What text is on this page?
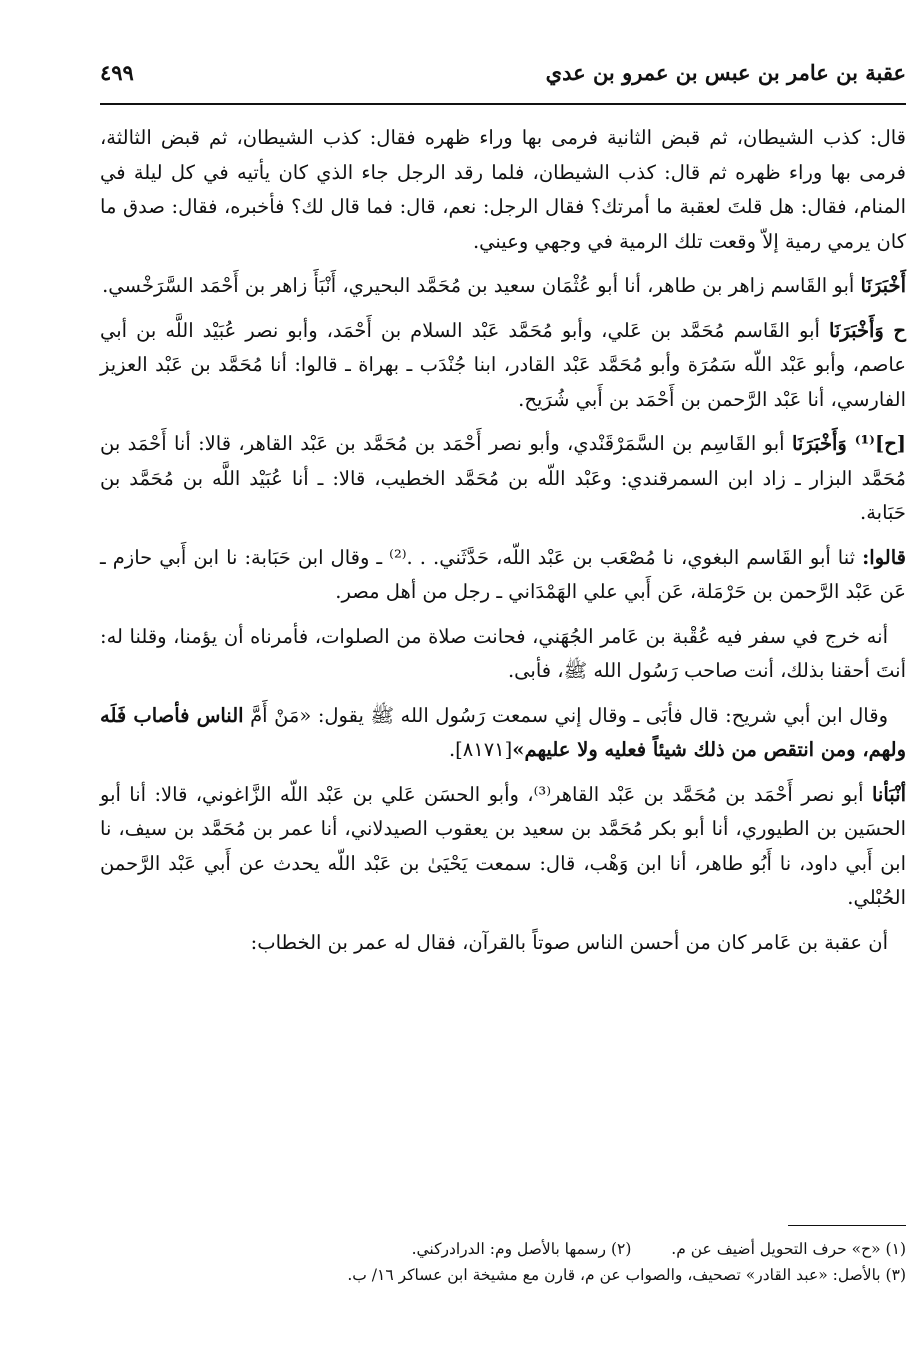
عقبة بن عامر بن عبس بن عمرو بن عدي
٤٩٩

قال: كذب الشيطان، ثم قبض الثانية فرمى بها وراء ظهره فقال: كذب الشيطان، ثم قبض الثالثة، فرمى بها وراء ظهره ثم قال: كذب الشيطان، فلما رقد الرجل جاء الذي كان يأتيه في كل ليلة في المنام، فقال: هل قلتَ لعقبة ما أمرتك؟ فقال الرجل: نعم، قال: فما قال لك؟ فأخبره، فقال: صدق ما كان يرمي رمية إلاّ وقعت تلك الرمية في وجهي وعيني.

أَخْبَرَنَا أبو القَاسم زاهر بن طاهر، أنا أبو عُثْمَان سعيد بن مُحَمَّد البحيري، أَنْبَأَ زاهر بن أَحْمَد السَّرَخْسي.

ح وَأَخْبَرَنَا أبو القَاسم مُحَمَّد بن عَلي، وأبو مُحَمَّد عَبْد السلام بن أَحْمَد، وأبو نصر عُبَيْد اللَّه بن أبي عاصم، وأبو عَبْد اللّه سَمُرَة وأبو مُحَمَّد عَبْد القادر، ابنا جُنْدَب ـ بهراة ـ قالوا: أنا مُحَمَّد بن عَبْد العزيز الفارسي، أنا عَبْد الرَّحمن بن أَحْمَد بن أَبي شُرَيح.

[ح]⁽¹⁾ وَأَخْبَرَنَا أبو القَاسِم بن السَّمَرْقَنْدي، وأبو نصر أَحْمَد بن مُحَمَّد بن عَبْد القاهر، قالا: أنا أَحْمَد بن مُحَمَّد البزار ـ زاد ابن السمرقندي: وعَبْد اللّه بن مُحَمَّد الخطيب، قالا: ـ أنا عُبَيْد اللَّه بن مُحَمَّد بن حَبَابة.

قالوا: ثنا أبو القَاسم البغوي، نا مُصْعَب بن عَبْد اللّه، حَدَّثَني. . .⁽²⁾ ـ وقال ابن حَبَابة: نا ابن أَبي حازم ـ عَن عَبْد الرَّحمن بن حَرْمَلة، عَن أَبي علي الهَمْدَاني ـ رجل من أهل مصر.

أنه خرج في سفر فيه عُقْبة بن عَامر الجُهَني، فحانت صلاة من الصلوات، فأمرناه أن يؤمنا، وقلنا له: أنتَ أحقنا بذلك، أنت صاحب رَسُول الله ﷺ، فأبى.

وقال ابن أبي شريح: قال فأبَى ـ وقال إني سمعت رَسُول الله ﷺ يقول: «مَنْ أَمَّ الناس فأصاب فَلَه ولهم، ومن انتقص من ذلك شيئاً فعليه ولا عليهم»[٨١٧١].

أنْبَأنا أبو نصر أَحْمَد بن مُحَمَّد بن عَبْد القاهر⁽³⁾، وأبو الحسَن عَلي بن عَبْد اللّه الزَّاغوني، قالا: أنا أبو الحسَين بن الطيوري، أنا أبو بكر مُحَمَّد بن سعيد بن يعقوب الصيدلاني، أنا عمر بن مُحَمَّد بن سيف، نا ابن أَبي داود، نا أَبُو طاهر، أنا ابن وَهْب، قال: سمعت يَحْيَىٰ بن عَبْد اللّه يحدث عن أَبي عَبْد الرَّحمن الحُبْلي.

أن عقبة بن عَامر كان من أحسن الناس صوتاً بالقرآن، فقال له عمر بن الخطاب:

(١) «ح» حرف التحويل أضيف عن م.  (٢) رسمها بالأصل وم: الدرادركني.
(٣) بالأصل: «عبد القادر» تصحيف، والصواب عن م، قارن مع مشيخة ابن عساكر ١٦/ ب.
